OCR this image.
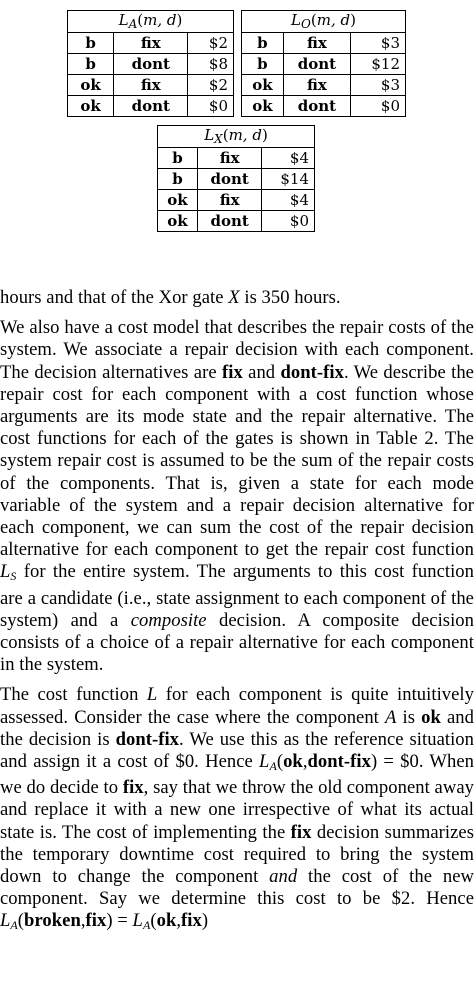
$L_A(m$, d)		
b	fix	$2
b	dont	$8
ok	fix	$2
ok	dont	$0
$L_O(m$, d)		
b	fix	$3
b	dont	$12
ok	fix	$3
ok	dont	$0
$L_X(m$, d)		
b	fix	$4
b	dont	$14
ok	fix	$4
ok	dont	$0

hours and that of the Xor gate X is 350 hours.

We also have a cost model that describes the repair costs of the system. We associate a repair decision with each component. The decision alternatives are fix and dont-fix. We describe the repair cost for each component with a cost function whose arguments are its mode state and the repair alternative. The cost functions for each of the gates is shown in Table 2. The system repair cost is assumed to be the sum of the repair costs of the components. That is, given a state for each mode variable of the system and a repair decision alternative for each component, we can sum the cost of the repair decision alternative for each component to get the repair cost function $L_S$ for the entire system. The arguments to this cost function are a candidate (i.e., state assignment to each component of the system) and a composite decision. A composite decision consists of a choice of a repair alternative for each component in the system.

The cost function L for each component is quite intuitively assessed. Consider the case where the component A is ok and the decision is dont-fix. We use this as the reference situation and assign it a cost of $0. Hence $L_A(ok,dont-fix)$ = $0. When we do decide to fix, say that we throw the old component away and replace it with a new one irrespective of what its actual state is. The cost of implementing the fix decision summarizes the temporary downtime cost required to bring the system down to change the component and the cost of the new component. Say we determine this cost to be $2. Hence $L_A(broken,fix) = L_A(ok,fix)$
